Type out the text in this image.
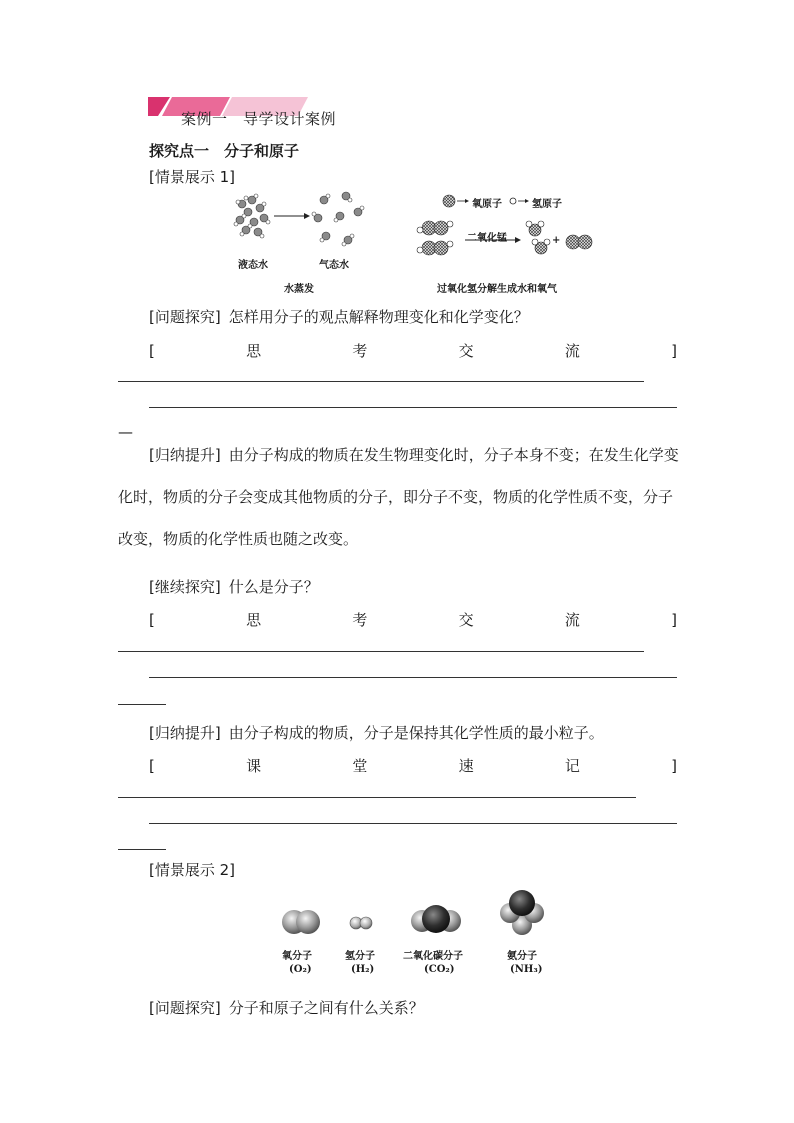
案例一　导学设计案例
探究点一　分子和原子
[情景展示 1]
液态水	气态水
水蒸发
氧原子	氢原子
二氧化锰	+
过氧化氢分解生成水和氧气
[问题探究] 怎样用分子的观点解释物理变化和化学变化？
[	思	考	交	流	]
—
[归纳提升] 由分子构成的物质在发生物理变化时，分子本身不变；在发生化学变化时，物质的分子会变成其他物质的分子，即分子不变，物质的化学性质不变，分子改变，物质的化学性质也随之改变。
[继续探究] 什么是分子？
[	思	考	交	流	]
[归纳提升] 由分子构成的物质，分子是保持其化学性质的最小粒子。
[	课	堂	速	记	]
[情景展示 2]
氧分子
(O₂)
氢分子
(H₂)
二氧化碳分子
(CO₂)
氨分子
(NH₃)
[问题探究] 分子和原子之间有什么关系？
